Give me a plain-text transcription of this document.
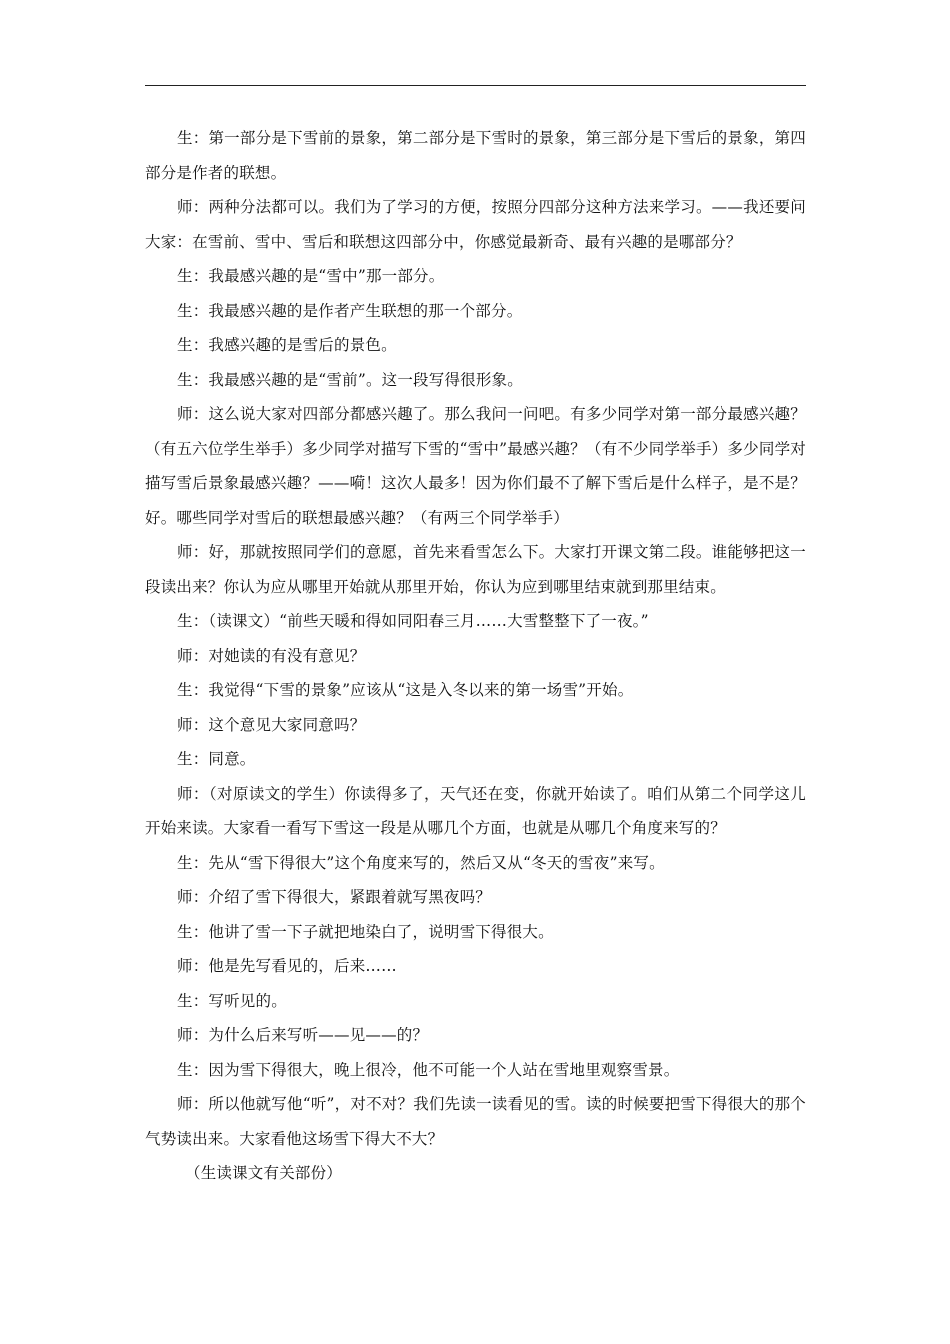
生：第一部分是下雪前的景象，第二部分是下雪时的景象，第三部分是下雪后的景象，第四部分是作者的联想。

师：两种分法都可以。我们为了学习的方便，按照分四部分这种方法来学习。——我还要问大家：在雪前、雪中、雪后和联想这四部分中，你感觉最新奇、最有兴趣的是哪部分？

生：我最感兴趣的是“雪中”那一部分。

生：我最感兴趣的是作者产生联想的那一个部分。

生：我感兴趣的是雪后的景色。

生：我最感兴趣的是“雪前”。这一段写得很形象。

师：这么说大家对四部分都感兴趣了。那么我问一问吧。有多少同学对第一部分最感兴趣？（有五六位学生举手）多少同学对描写下雪的“雪中”最感兴趣？（有不少同学举手）多少同学对描写雪后景象最感兴趣？——嗬！这次人最多！因为你们最不了解下雪后是什么样子，是不是？好。哪些同学对雪后的联想最感兴趣？（有两三个同学举手）

师：好，那就按照同学们的意愿，首先来看雪怎么下。大家打开课文第二段。谁能够把这一段读出来？你认为应从哪里开始就从那里开始，你认为应到哪里结束就到那里结束。

生：（读课文）“前些天暖和得如同阳春三月……大雪整整下了一夜。”

师：对她读的有没有意见？

生：我觉得“下雪的景象”应该从“这是入冬以来的第一场雪”开始。

师：这个意见大家同意吗？

生：同意。

师：（对原读文的学生）你读得多了，天气还在变，你就开始读了。咱们从第二个同学这儿开始来读。大家看一看写下雪这一段是从哪几个方面，也就是从哪几个角度来写的？

生：先从“雪下得很大”这个角度来写的，然后又从“冬天的雪夜”来写。

师：介绍了雪下得很大，紧跟着就写黑夜吗？

生：他讲了雪一下子就把地染白了，说明雪下得很大。

师：他是先写看见的，后来……

生：写听见的。

师：为什么后来写听——见——的？

生：因为雪下得很大，晚上很冷，他不可能一个人站在雪地里观察雪景。

师：所以他就写他“听”，对不对？我们先读一读看见的雪。读的时候要把雪下得很大的那个气势读出来。大家看他这场雪下得大不大？

（生读课文有关部份）
